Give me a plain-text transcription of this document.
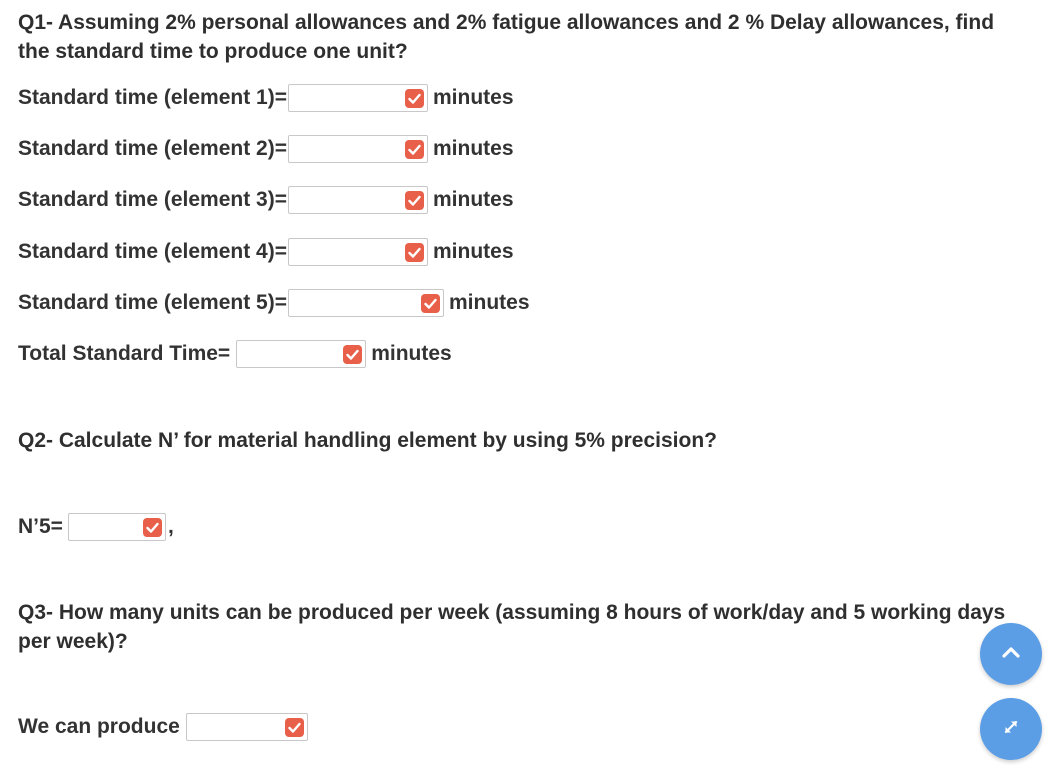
Q1- Assuming 2% personal allowances and 2% fatigue allowances and 2 % Delay allowances, find the standard time to produce one unit?
Standard time (element 1)=	minutes
Standard time (element 2)=	minutes
Standard time (element 3)=	minutes
Standard time (element 4)=	minutes
Standard time (element 5)=	minutes
Total Standard Time=	minutes
Q2- Calculate N’ for material handling element by using 5% precision?
N’5=	,
Q3- How many units can be produced per week (assuming 8 hours of work/day and 5 working days per week)?
We can produce
